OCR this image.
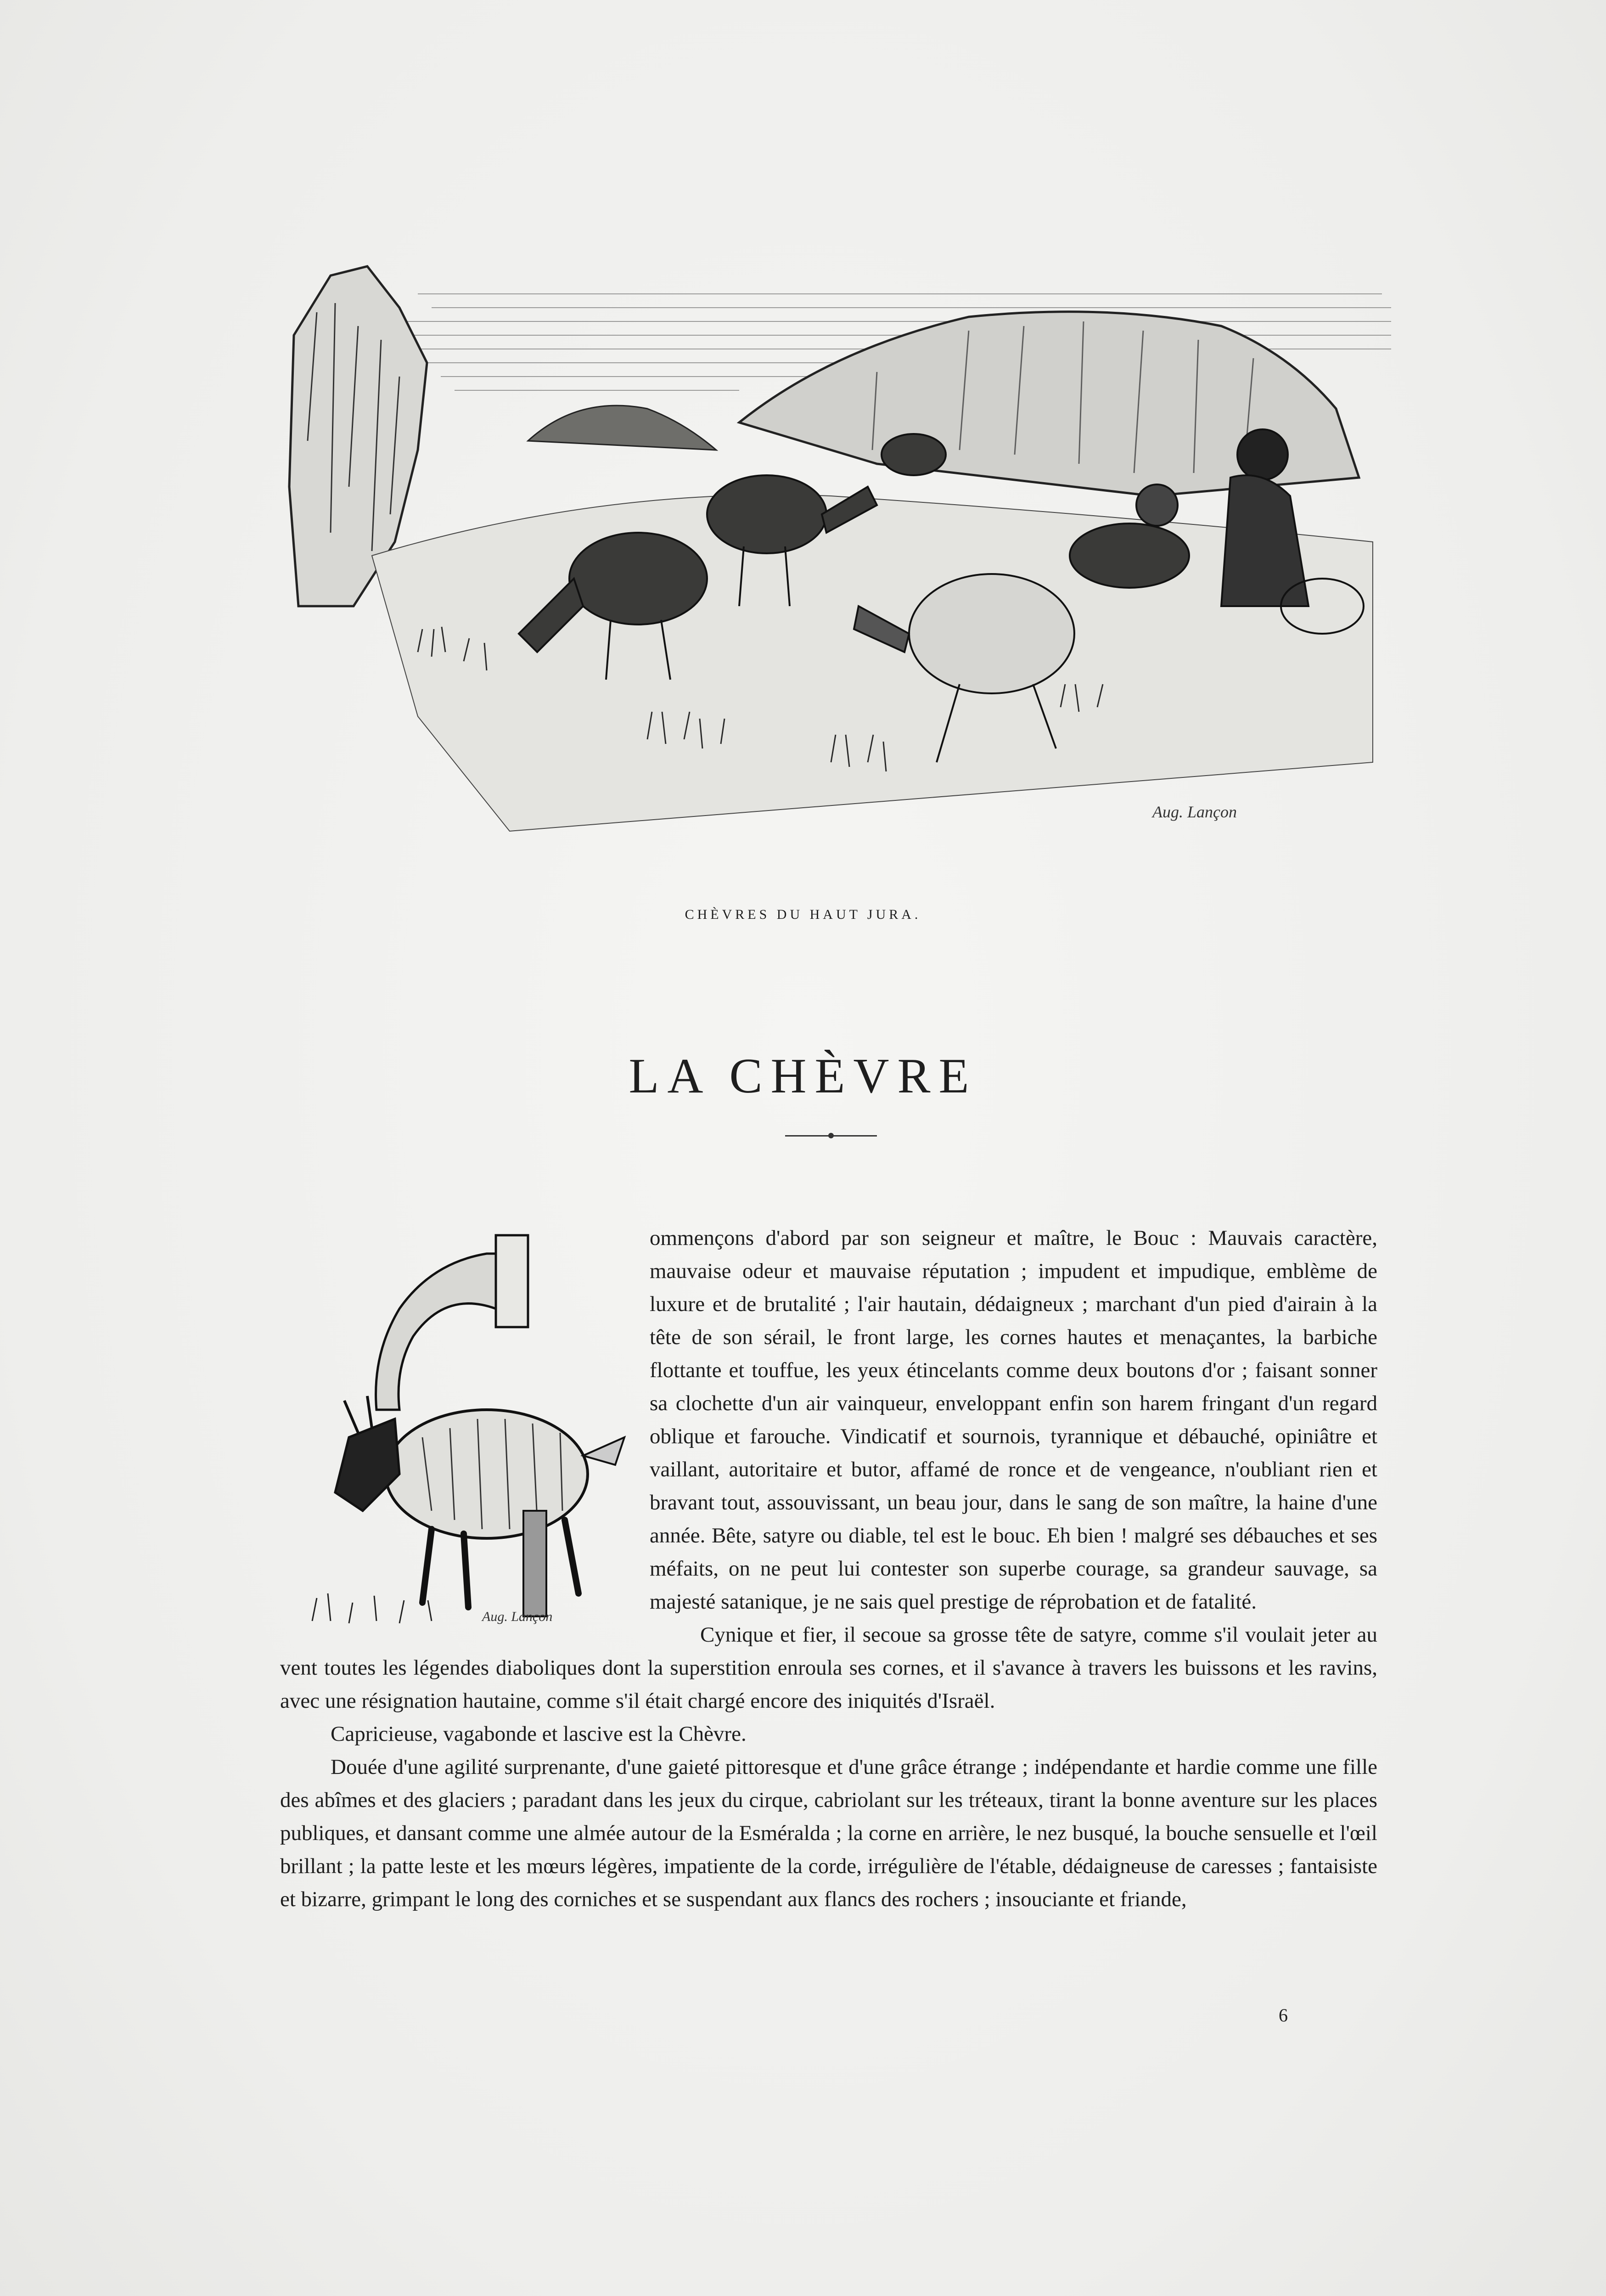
Aug. Lançon
CHÈVRES DU HAUT JURA.
LA CHÈVRE
Aug. Lançon

ommençons d'abord par son seigneur et maître, le Bouc : Mauvais caractère, mauvaise odeur et mauvaise réputation ; impudent et impudique, emblème de luxure et de brutalité ; l'air hautain, dédaigneux ; marchant d'un pied d'airain à la tête de son sérail, le front large, les cornes hautes et menaçantes, la barbiche flottante et touffue, les yeux étincelants comme deux boutons d'or ; faisant sonner sa clochette d'un air vainqueur, enveloppant enfin son harem fringant d'un regard oblique et farouche. Vindicatif et sournois, tyrannique et débauché, opiniâtre et vaillant, autoritaire et butor, affamé de ronce et de vengeance, n'oubliant rien et bravant tout, assouvissant, un beau jour, dans le sang de son maître, la haine d'une année. Bête, satyre ou diable, tel est le bouc. Eh bien ! malgré ses débauches et ses méfaits, on ne peut lui contester son superbe courage, sa grandeur sauvage, sa majesté satanique, je ne sais quel prestige de réprobation et de fatalité.

Cynique et fier, il secoue sa grosse tête de satyre, comme s'il voulait jeter au vent toutes les légendes diaboliques dont la superstition enroula ses cornes, et il s'avance à travers les buissons et les ravins, avec une résignation hautaine, comme s'il était chargé encore des iniquités d'Israël.

Capricieuse, vagabonde et lascive est la Chèvre.

Douée d'une agilité surprenante, d'une gaieté pittoresque et d'une grâce étrange ; indépendante et hardie comme une fille des abîmes et des glaciers ; paradant dans les jeux du cirque, cabriolant sur les tréteaux, tirant la bonne aventure sur les places publiques, et dansant comme une almée autour de la Esméralda ; la corne en arrière, le nez busqué, la bouche sensuelle et l'œil brillant ; la patte leste et les mœurs légères, impatiente de la corde, irrégulière de l'étable, dédaigneuse de caresses ; fantaisiste et bizarre, grimpant le long des corniches et se suspendant aux flancs des rochers ; insouciante et friande,

6
